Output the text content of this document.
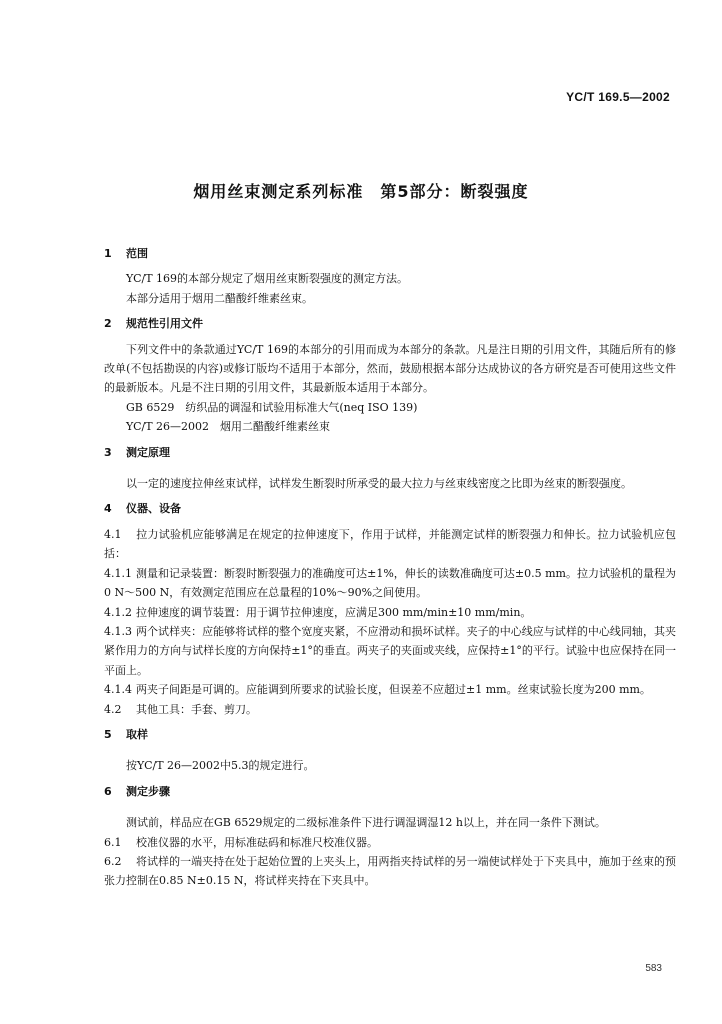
YC/T 169.5—2002
烟用丝束测定系列标准　第5部分：断裂强度

1 范围

YC/T 169的本部分规定了烟用丝束断裂强度的测定方法。

本部分适用于烟用二醋酸纤维素丝束。

2 规范性引用文件

下列文件中的条款通过YC/T 169的本部分的引用而成为本部分的条款。凡是注日期的引用文件，其随后所有的修改单(不包括勘误的内容)或修订版均不适用于本部分，然而，鼓励根据本部分达成协议的各方研究是否可使用这些文件的最新版本。凡是不注日期的引用文件，其最新版本适用于本部分。

GB 6529　纺织品的调湿和试验用标准大气(neq ISO 139)

YC/T 26—2002　烟用二醋酸纤维素丝束

3 测定原理

以一定的速度拉伸丝束试样，试样发生断裂时所承受的最大拉力与丝束线密度之比即为丝束的断裂强度。

4 仪器、设备

4.1 拉力试验机应能够满足在规定的拉伸速度下，作用于试样，并能测定试样的断裂强力和伸长。拉力试验机应包括：

4.1.1 测量和记录装置：断裂时断裂强力的准确度可达±1%，伸长的读数准确度可达±0.5 mm。拉力试验机的量程为0 N～500 N，有效测定范围应在总量程的10%～90%之间使用。

4.1.2 拉伸速度的调节装置：用于调节拉伸速度，应满足300 mm/min±10 mm/min。

4.1.3 两个试样夹：应能够将试样的整个宽度夹紧，不应滑动和损坏试样。夹子的中心线应与试样的中心线同轴，其夹紧作用力的方向与试样长度的方向保持±1°的垂直。两夹子的夹面或夹线，应保持±1°的平行。试验中也应保持在同一平面上。

4.1.4 两夹子间距是可调的。应能调到所要求的试验长度，但误差不应超过±1 mm。丝束试验长度为200 mm。

4.2 其他工具：手套、剪刀。

5 取样

按YC/T 26—2002中5.3的规定进行。

6 测定步骤

测试前，样品应在GB 6529规定的二级标准条件下进行调湿调湿12 h以上，并在同一条件下测试。

6.1 校准仪器的水平，用标准砝码和标准尺校准仪器。

6.2 将试样的一端夹持在处于起始位置的上夹头上，用两指夹持试样的另一端使试样处于下夹具中，施加于丝束的预张力控制在0.85 N±0.15 N，将试样夹持在下夹具中。

583
